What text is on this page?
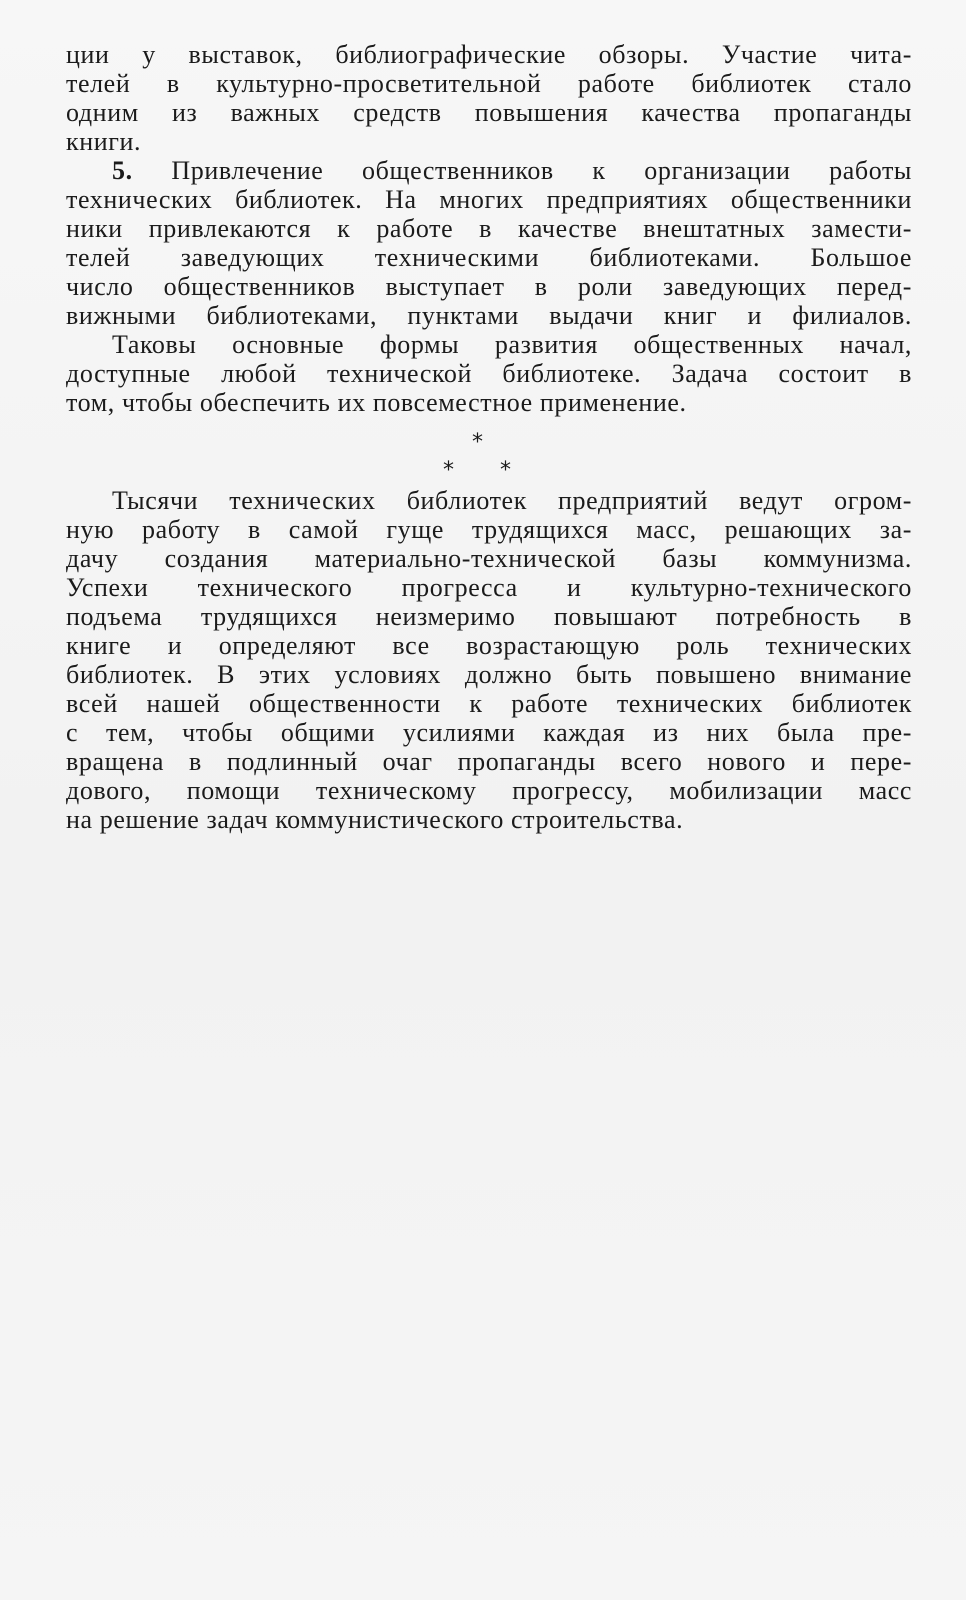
ции у выставок, библиографические обзоры. Участие чита-
телей в культурно-просветительной работе библиотек стало
одним из важных средств повышения качества пропаганды
книги.
5. Привлечение общественников к организации работы
технических библиотек. На многих предприятиях общественники
ники привлекаются к работе в качестве внештатных замести-
телей заведующих техническими библиотеками. Большое
число общественников выступает в роли заведующих перед-
вижными библиотеками, пунктами выдачи книг и филиалов.
Таковы основные формы развития общественных начал,
доступные любой технической библиотеке. Задача состоит в
том, чтобы обеспечить их повсеместное применение.
*
* *
Тысячи технических библиотек предприятий ведут огром-
ную работу в самой гуще трудящихся масс, решающих за-
дачу создания материально-технической базы коммунизма.
Успехи технического прогресса и культурно-технического
подъема трудящихся неизмеримо повышают потребность в
книге и определяют все возрастающую роль технических
библиотек. В этих условиях должно быть повышено внимание
всей нашей общественности к работе технических библиотек
с тем, чтобы общими усилиями каждая из них была пре-
вращена в подлинный очаг пропаганды всего нового и пере-
дового, помощи техническому прогрессу, мобилизации масс
на решение задач коммунистического строительства.
